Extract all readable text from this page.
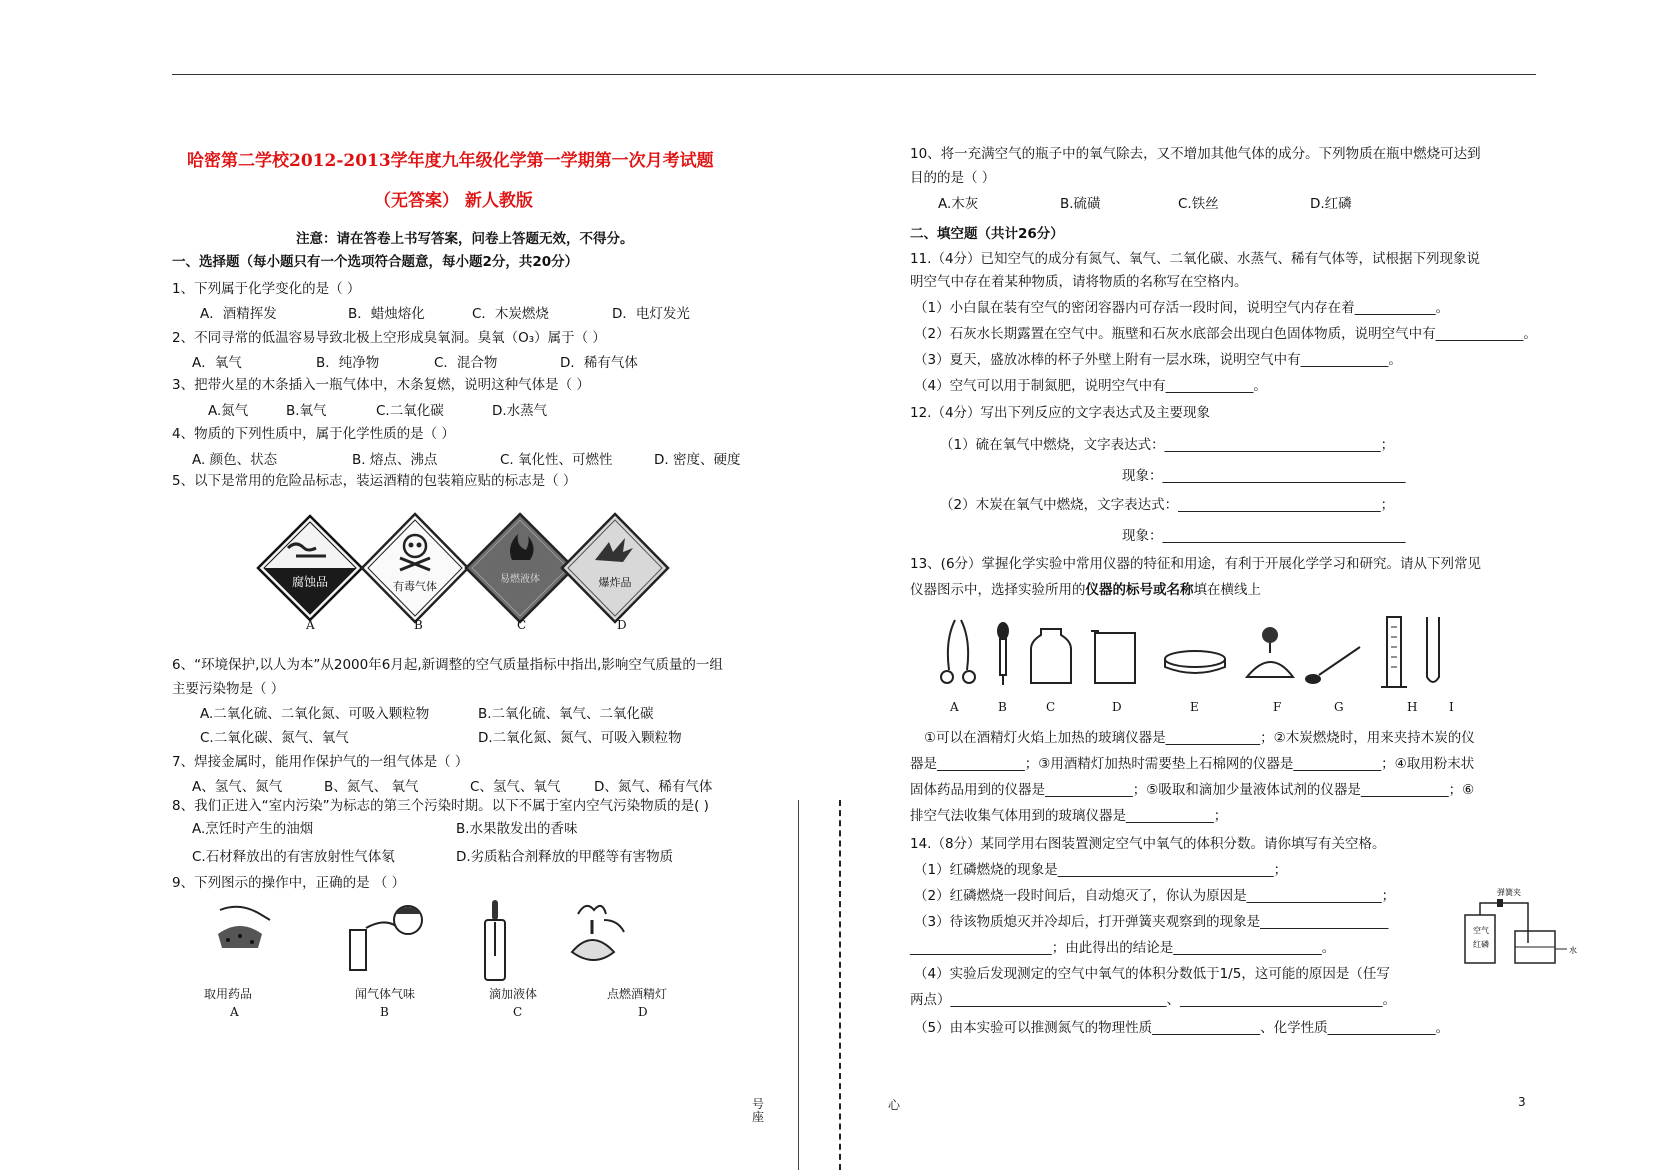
哈密第二学校2012-2013学年度九年级化学第一学期第一次月考试题
（无答案） 新人教版
注意：请在答卷上书写答案，问卷上答题无效，不得分。
一、选择题（每小题只有一个选项符合题意，每小题2分，共20分）
1、下列属于化学变化的是（ ）
A．酒精挥发	B．蜡烛熔化	C．木炭燃烧	D．电灯发光
2、不同寻常的低温容易导致北极上空形成臭氧洞。臭氧（O₃）属于（ ）
A．氧气	B．纯净物	C．混合物	D．稀有气体
3、把带火星的木条插入一瓶气体中，木条复燃，说明这种气体是（ ）
A.氮气	B.氧气	C.二氧化碳	D.水蒸气
4、物质的下列性质中，属于化学性质的是（ ）
A. 颜色、状态	B. 熔点、沸点	C. 氧化性、可燃性	D. 密度、硬度
5、以下是常用的危险品标志，装运酒精的包装箱应贴的标志是（ ）
腐蚀品	有毒气体
易燃液体	爆炸品
A	B	C	D
6、“环境保护,以人为本”从2000年6月起,新调整的空气质量指标中指出,影响空气质量的一组
主要污染物是（ ）
A.二氧化硫、二氧化氮、可吸入颗粒物	B.二氧化硫、氧气、二氧化碳
C.二氧化碳、氮气、氧气	D.二氧化氮、氮气、可吸入颗粒物
7、焊接金属时，能用作保护气的一组气体是（ ）
A、氢气、氮气	B、氮气、 氧气	C、氢气、氧气 D、氮气、稀有气体
8、我们正进入“室内污染”为标志的第三个污染时期。以下不属于室内空气污染物质的是( )
A.烹饪时产生的油烟	B.水果散发出的香味
C.石材释放出的有害放射性气体氡	D.劣质粘合剂释放的甲醛等有害物质
9、下列图示的操作中，正确的是 （ ）
取用药品	闻气体气味	滴加液体	点燃酒精灯
A	B	C	D
号
座
心	3
10、将一充满空气的瓶子中的氧气除去，又不增加其他气体的成分。下列物质在瓶中燃烧可达到
目的的是（ ）
A.木灰	B.硫磺	C.铁丝	D.红磷
二、填空题（共计26分）
11.（4分）已知空气的成分有氮气、氧气、二氧化碳、水蒸气、稀有气体等，试根据下列现象说
明空气中存在着某种物质，请将物质的名称写在空格内。
（1）小白鼠在装有空气的密闭容器内可存活一段时间，说明空气内存在着____________。
（2）石灰水长期露置在空气中。瓶壁和石灰水底部会出现白色固体物质，说明空气中有_____________。
（3）夏天，盛放冰棒的杯子外壁上附有一层水珠，说明空气中有_____________。
（4）空气可以用于制氮肥，说明空气中有_____________。
12.（4分）写出下列反应的文字表达式及主要现象
（1）硫在氧气中燃烧，文字表达式：________________________________；
现象：____________________________________
（2）木炭在氧气中燃烧，文字表达式：______________________________；
现象：____________________________________
13、(6分）掌握化学实验中常用仪器的特征和用途，有利于开展化学学习和研究。请从下列常见
仪器图示中，选择实验所用的仪器的标号或名称填在横线上
A	B	C	D	E	F	G	H	I
①可以在酒精灯火焰上加热的玻璃仪器是______________；②木炭燃烧时，用来夹持木炭的仪
器是_____________；③用酒精灯加热时需要垫上石棉网的仪器是_____________；④取用粉末状
固体药品用到的仪器是_____________；⑤吸取和滴加少量液体试剂的仪器是_____________；⑥
排空气法收集气体用到的玻璃仪器是_____________；
14.（8分）某同学用右图装置测定空气中氧气的体积分数。请你填写有关空格。
（1）红磷燃烧的现象是________________________________；
（2）红磷燃烧一段时间后，自动熄灭了，你认为原因是____________________；
（3）待该物质熄灭并冷却后，打开弹簧夹观察到的现象是___________________
_____________________；由此得出的结论是______________________。
（4）实验后发现测定的空气中氧气的体积分数低于1/5，这可能的原因是（任写
两点）________________________________、______________________________。
（5）由本实验可以推测氮气的物理性质________________、化学性质________________。
弹簧夹
空气
红磷
水
